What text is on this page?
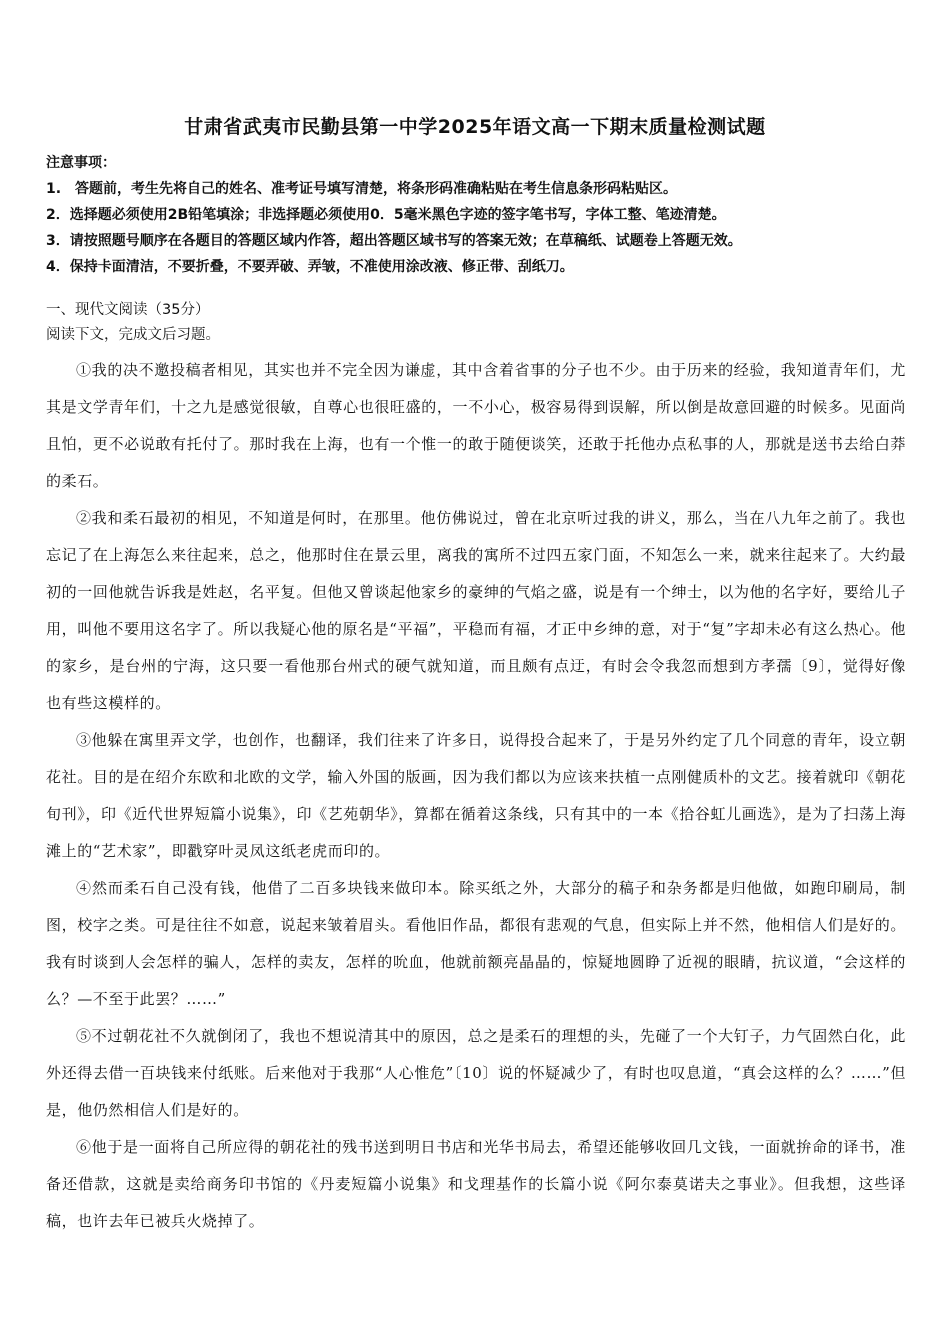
甘肃省武夷市民勤县第一中学2025年语文高一下期末质量检测试题
注意事项：
1.　答题前，考生先将自己的姓名、准考证号填写清楚，将条形码准确粘贴在考生信息条形码粘贴区。
2．选择题必须使用2B铅笔填涂；非选择题必须使用0．5毫米黑色字迹的签字笔书写，字体工整、笔迹清楚。
3．请按照题号顺序在各题目的答题区域内作答，超出答题区域书写的答案无效；在草稿纸、试题卷上答题无效。
4．保持卡面清洁，不要折叠，不要弄破、弄皱，不准使用涂改液、修正带、刮纸刀。
一、现代文阅读（35分）
阅读下文，完成文后习题。

①我的决不邀投稿者相见，其实也并不完全因为谦虚，其中含着省事的分子也不少。由于历来的经验，我知道青年们，尤其是文学青年们，十之九是感觉很敏，自尊心也很旺盛的，一不小心，极容易得到误解，所以倒是故意回避的时候多。见面尚且怕，更不必说敢有托付了。那时我在上海，也有一个惟一的敢于随便谈笑，还敢于托他办点私事的人，那就是送书去给白莽的柔石。

②我和柔石最初的相见，不知道是何时，在那里。他仿佛说过，曾在北京听过我的讲义，那么，当在八九年之前了。我也忘记了在上海怎么来往起来，总之，他那时住在景云里，离我的寓所不过四五家门面，不知怎么一来，就来往起来了。大约最初的一回他就告诉我是姓赵，名平复。但他又曾谈起他家乡的豪绅的气焰之盛，说是有一个绅士，以为他的名字好，要给儿子用，叫他不要用这名字了。所以我疑心他的原名是“平福”，平稳而有福，才正中乡绅的意，对于“复”字却未必有这么热心。他的家乡，是台州的宁海，这只要一看他那台州式的硬气就知道，而且颇有点迂，有时会令我忽而想到方孝孺〔9〕，觉得好像也有些这模样的。

③他躲在寓里弄文学，也创作，也翻译，我们往来了许多日，说得投合起来了，于是另外约定了几个同意的青年，设立朝花社。目的是在绍介东欧和北欧的文学，输入外国的版画，因为我们都以为应该来扶植一点刚健质朴的文艺。接着就印《朝花旬刊》，印《近代世界短篇小说集》，印《艺苑朝华》，算都在循着这条线，只有其中的一本《拾谷虹儿画选》，是为了扫荡上海滩上的“艺术家”，即戳穿叶灵凤这纸老虎而印的。

④然而柔石自己没有钱，他借了二百多块钱来做印本。除买纸之外，大部分的稿子和杂务都是归他做，如跑印刷局，制图，校字之类。可是往往不如意，说起来皱着眉头。看他旧作品，都很有悲观的气息，但实际上并不然，他相信人们是好的。我有时谈到人会怎样的骗人，怎样的卖友，怎样的吮血，他就前额亮晶晶的，惊疑地圆睁了近视的眼睛，抗议道，“会这样的么？—不至于此罢？……”

⑤不过朝花社不久就倒闭了，我也不想说清其中的原因，总之是柔石的理想的头，先碰了一个大钉子，力气固然白化，此外还得去借一百块钱来付纸账。后来他对于我那“人心惟危”〔10〕说的怀疑减少了，有时也叹息道，“真会这样的么？……”但是，他仍然相信人们是好的。

⑥他于是一面将自己所应得的朝花社的残书送到明日书店和光华书局去，希望还能够收回几文钱，一面就拚命的译书，准备还借款，这就是卖给商务印书馆的《丹麦短篇小说集》和戈理基作的长篇小说《阿尔泰莫诺夫之事业》。但我想，这些译稿，也许去年已被兵火烧掉了。
